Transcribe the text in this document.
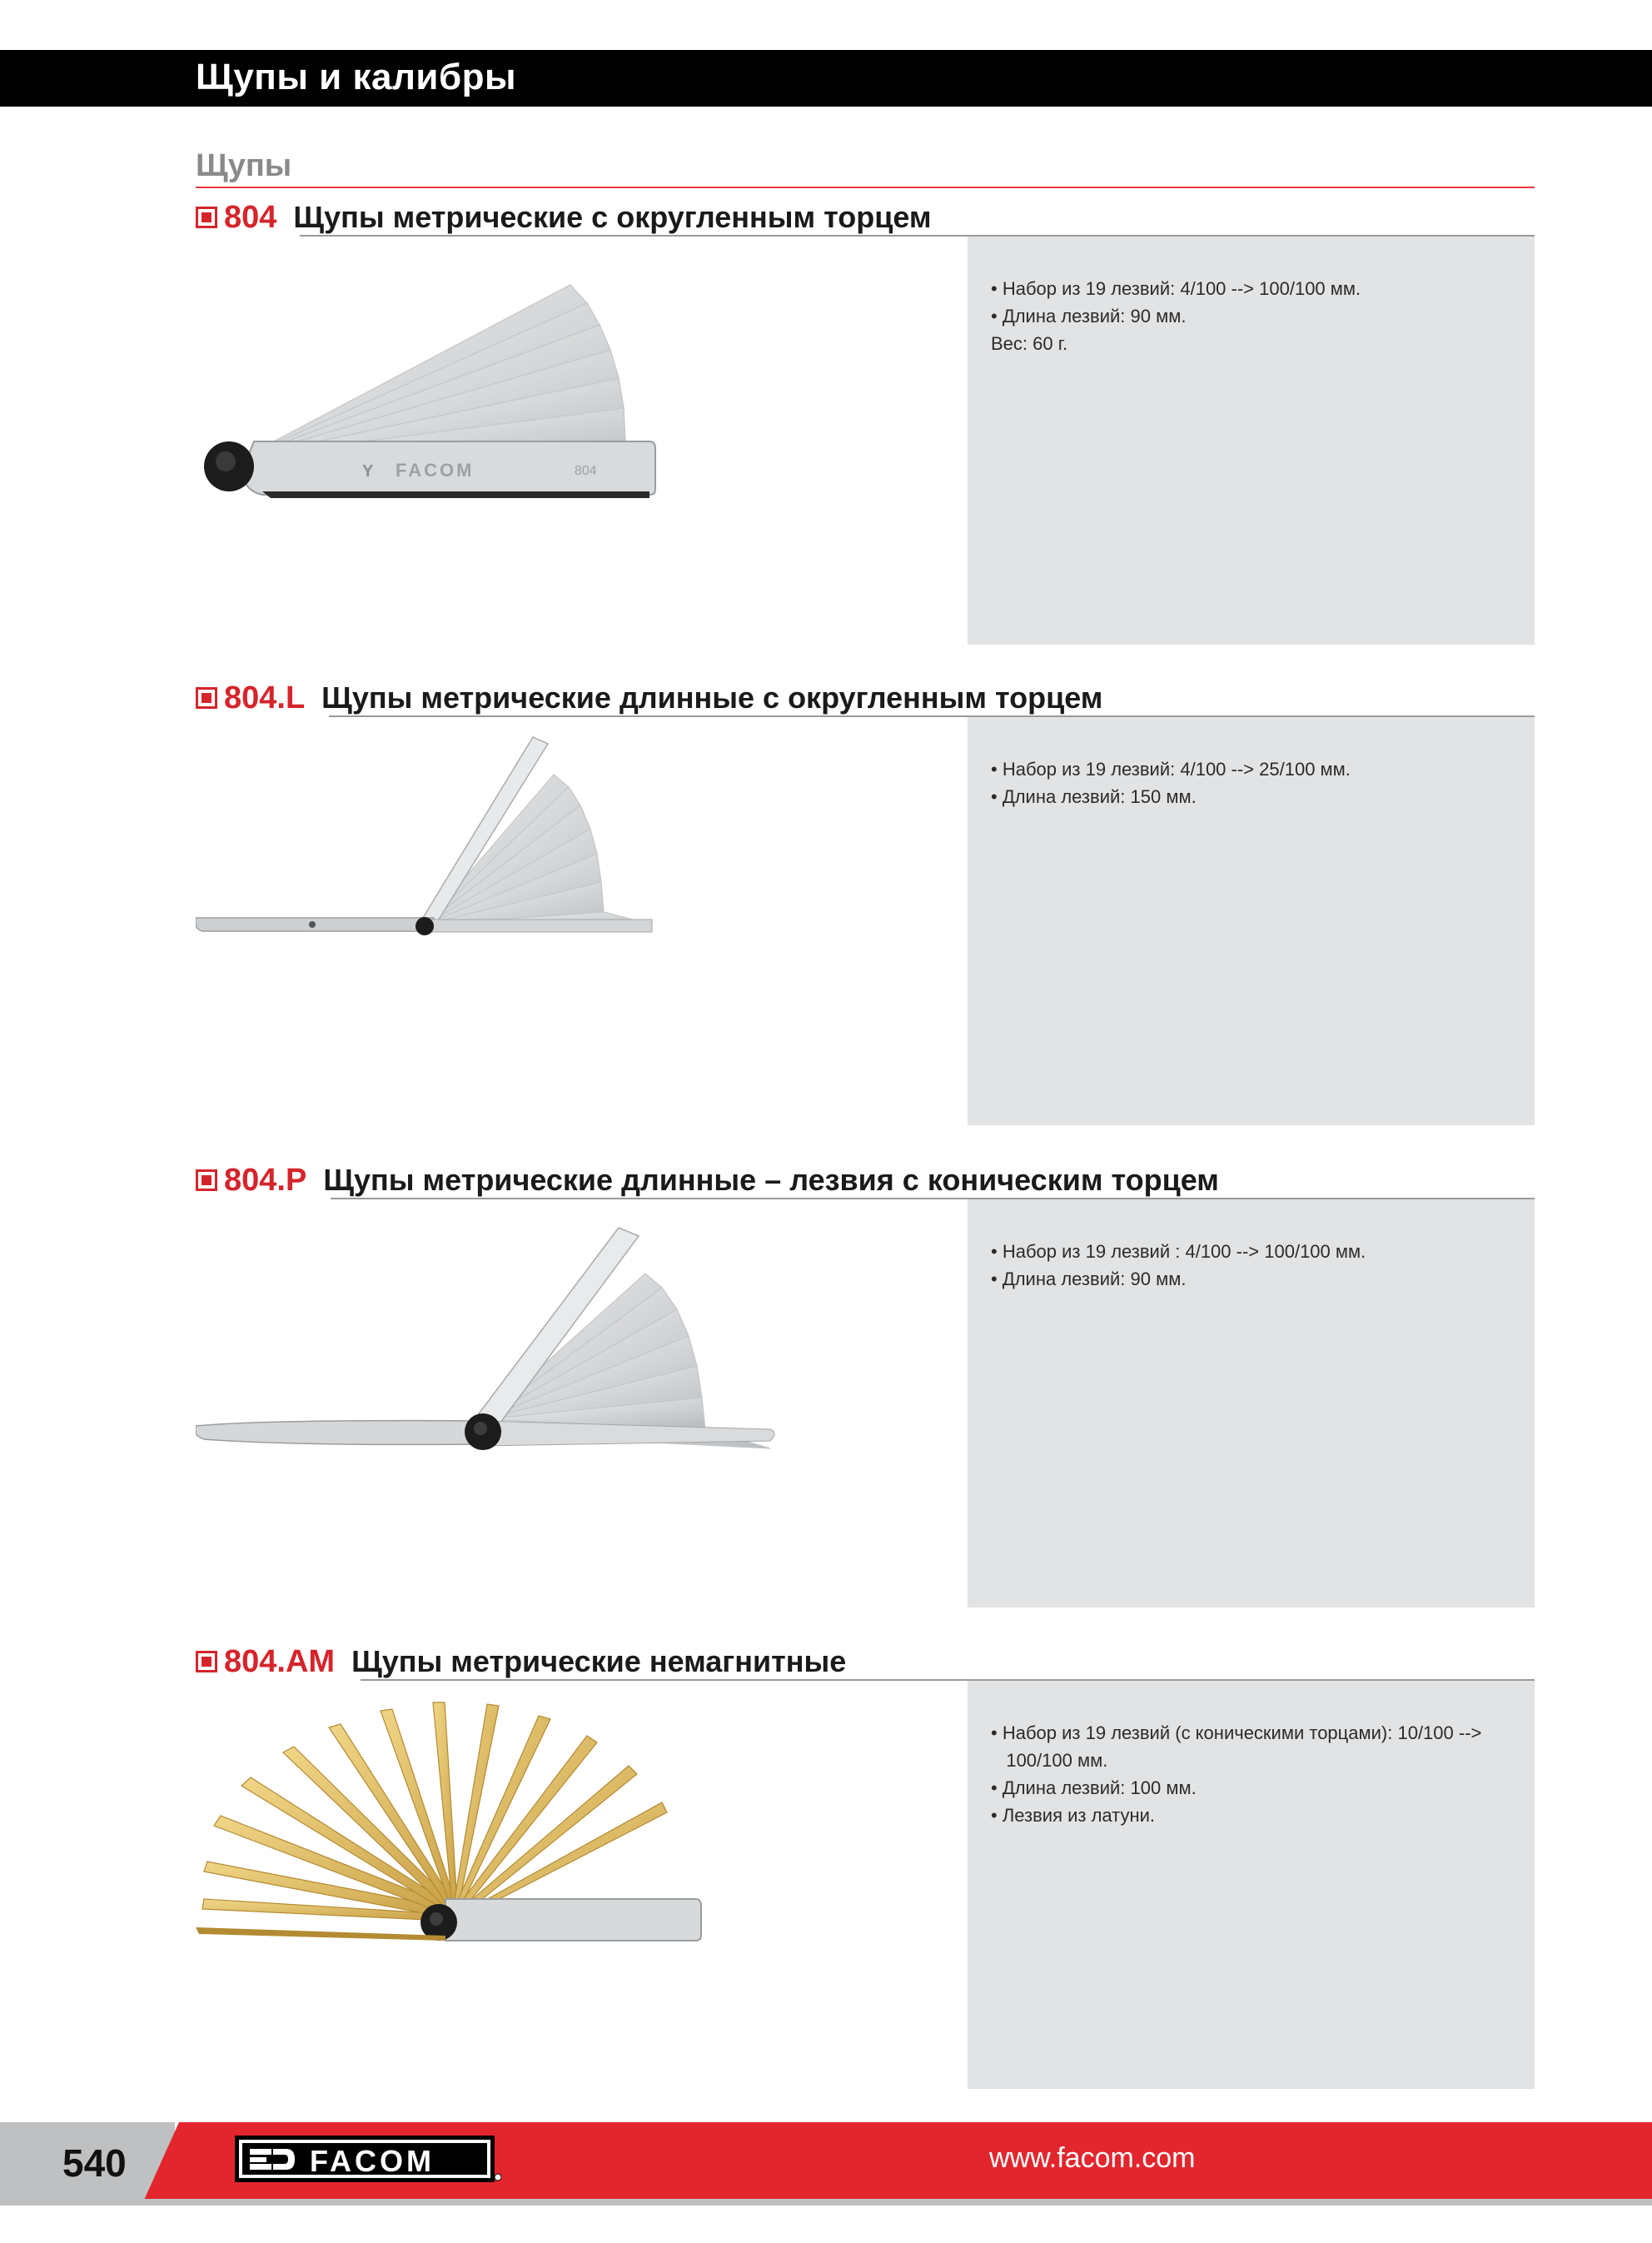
Щупы и калибры
Щупы
804 Щупы метрические с округленным торцем
Y FACOM	804
• Набор из 19 лезвий: 4/100 --> 100/100 мм.
• Длина лезвий: 90 мм.
Вес: 60 г.
804.L Щупы метрические длинные с округленным торцем
• Набор из 19 лезвий: 4/100 --> 25/100 мм.
• Длина лезвий: 150 мм.
804.P Щупы метрические длинные – лезвия с коническим торцем
• Набор из 19 лезвий : 4/100 --> 100/100 мм.
• Длина лезвий: 90 мм.
804.AM Щупы метрические немагнитные
• Набор из 19 лезвий (с коническими торцами): 10/100 -->
100/100 мм.
• Длина лезвий: 100 мм.
• Лезвия из латуни.
540	FACOM	www.facom.com
